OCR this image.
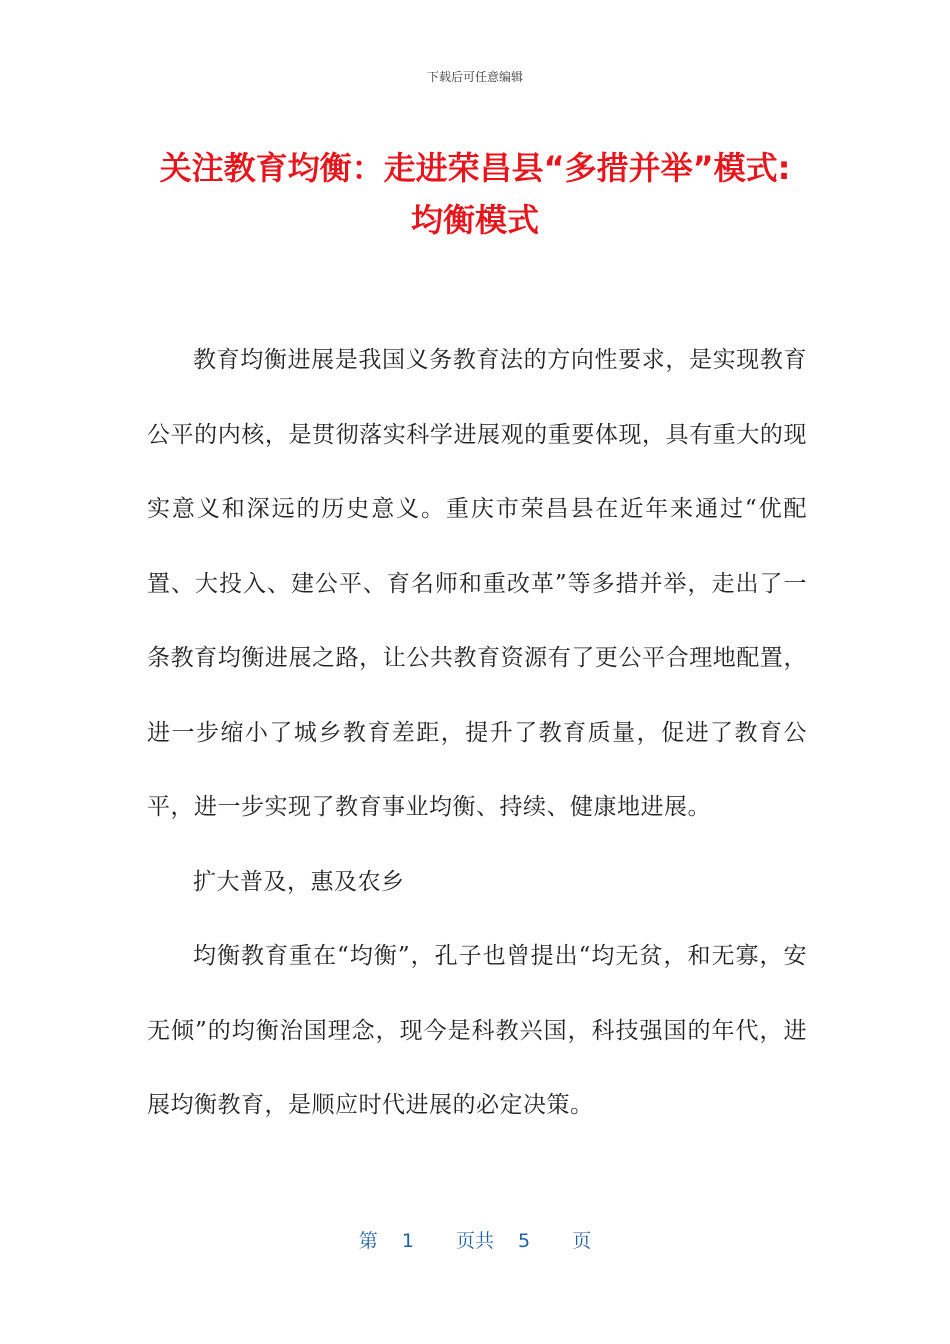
下载后可任意编辑
关注教育均衡：走进荣昌县“多措并举”模式:均衡模式

教育均衡进展是我国义务教育法的方向性要求，是实现教育公平的内核，是贯彻落实科学进展观的重要体现，具有重大的现实意义和深远的历史意义。重庆市荣昌县在近年来通过“优配置、大投入、建公平、育名师和重改革”等多措并举，走出了一条教育均衡进展之路，让公共教育资源有了更公平合理地配置，进一步缩小了城乡教育差距，提升了教育质量，促进了教育公平，进一步实现了教育事业均衡、持续、健康地进展。

扩大普及，惠及农乡

均衡教育重在“均衡”，孔子也曾提出“均无贫，和无寡，安无倾”的均衡治国理念，现今是科教兴国，科技强国的年代，进展均衡教育，是顺应时代进展的必定决策。

第 1 页共 5 页
